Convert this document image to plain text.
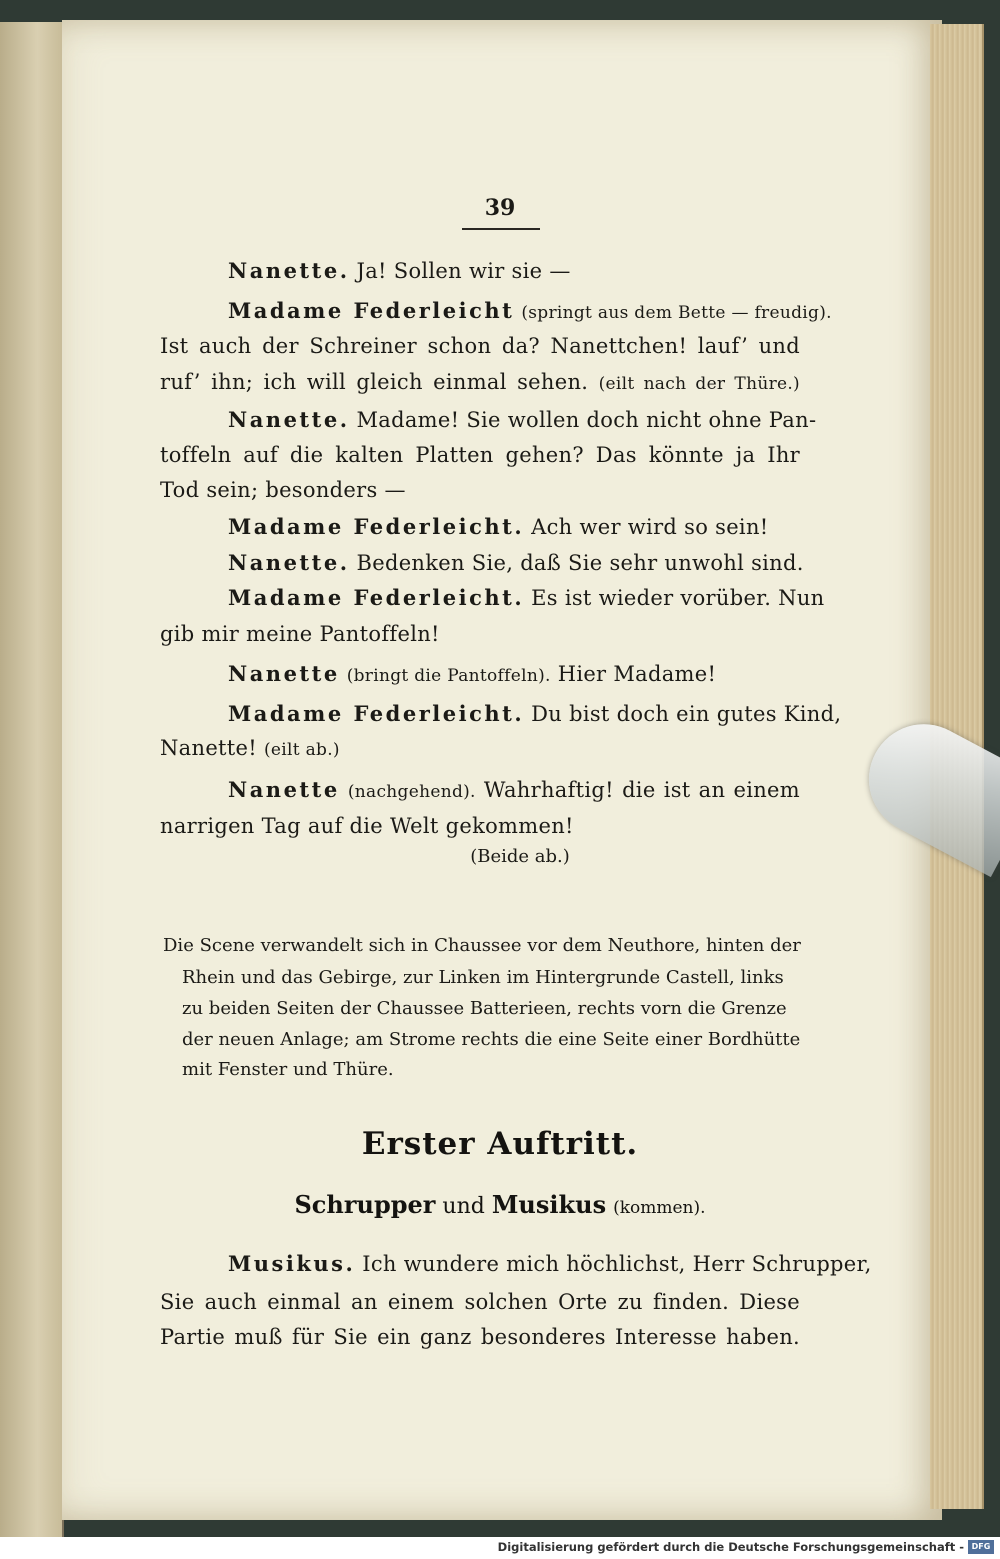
39
Nanette. Ja! Sollen wir sie —
Madame Federleicht (springt aus dem Bette — freudig).
Ist auch der Schreiner schon da? Nanettchen! lauf’ und
ruf’ ihn; ich will gleich einmal sehen. (eilt nach der Thüre.)
Nanette. Madame! Sie wollen doch nicht ohne Pan-
toffeln auf die kalten Platten gehen? Das könnte ja Ihr
Tod sein; besonders —
Madame Federleicht. Ach wer wird so sein!
Nanette. Bedenken Sie, daß Sie sehr unwohl sind.
Madame Federleicht. Es ist wieder vorüber. Nun
gib mir meine Pantoffeln!
Nanette (bringt die Pantoffeln). Hier Madame!
Madame Federleicht. Du bist doch ein gutes Kind,
Nanette! (eilt ab.)
Nanette (nachgehend). Wahrhaftig! die ist an einem
narrigen Tag auf die Welt gekommen!
(Beide ab.)
Die Scene verwandelt sich in Chaussee vor dem Neuthore, hinten der
Rhein und das Gebirge, zur Linken im Hintergrunde Castell, links
zu beiden Seiten der Chaussee Batterieen, rechts vorn die Grenze
der neuen Anlage; am Strome rechts die eine Seite einer Bordhütte
mit Fenster und Thüre.
Erster Auftritt.
Schrupper und Musikus (kommen).
Musikus. Ich wundere mich höchlichst, Herr Schrupper,
Sie auch einmal an einem solchen Orte zu finden. Diese
Partie muß für Sie ein ganz besonderes Interesse haben.
Digitalisierung gefördert durch die Deutsche Forschungsgemeinschaft - DFG
